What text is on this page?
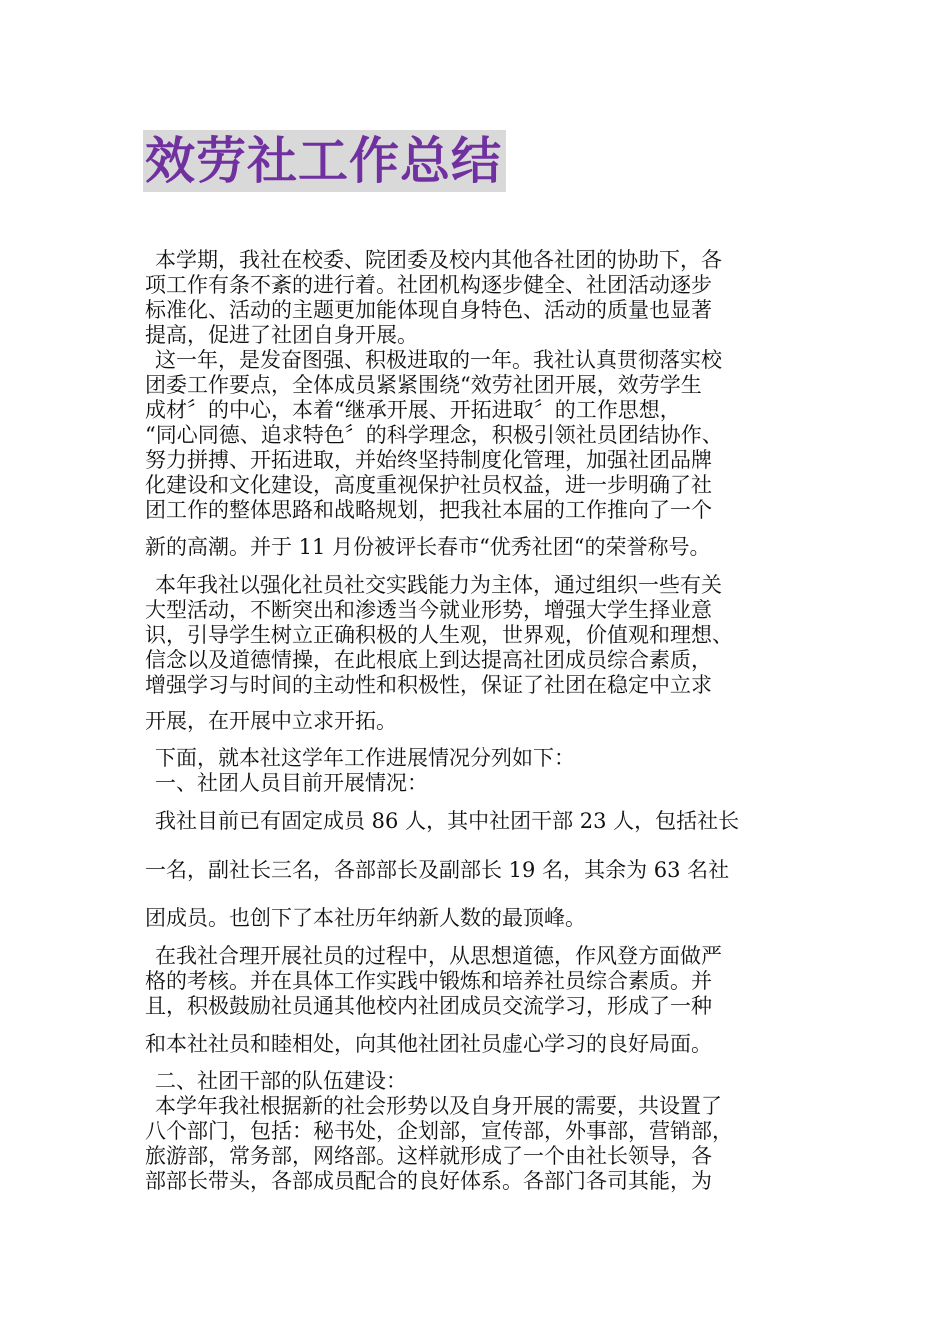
效劳社工作总结

本学期，我社在校委、院团委及校内其他各社团的协助下，各
项工作有条不紊的进行着。社团机构逐步健全、社团活动逐步
标准化、活动的主题更加能体现自身特色、活动的质量也显著
提高，促进了社团自身开展。

这一年，是发奋图强、积极进取的一年。我社认真贯彻落实校
团委工作要点，全体成员紧紧围绕“效劳社团开展，效劳学生
成材〞的中心，本着“继承开展、开拓进取〞的工作思想，
“同心同德、追求特色〞的科学理念，积极引领社员团结协作、
努力拼搏、开拓进取，并始终坚持制度化管理，加强社团品牌
化建设和文化建设，高度重视保护社员权益，进一步明确了社
团工作的整体思路和战略规划，把我社本届的工作推向了一个

新的高潮。并于 11 月份被评长春市“优秀社团“的荣誉称号。

本年我社以强化社员社交实践能力为主体，通过组织一些有关
大型活动，不断突出和渗透当今就业形势，增强大学生择业意
识，引导学生树立正确积极的人生观，世界观，价值观和理想、
信念以及道德情操，在此根底上到达提高社团成员综合素质，
增强学习与时间的主动性和积极性，保证了社团在稳定中立求

开展，在开展中立求开拓。

下面，就本社这学年工作进展情况分列如下：
一、社团人员目前开展情况：

我社目前已有固定成员 86 人，其中社团干部 23 人，包括社长

一名，副社长三名，各部部长及副部长 19 名，其余为 63 名社

团成员。也创下了本社历年纳新人数的最顶峰。

在我社合理开展社员的过程中，从思想道德，作风登方面做严
格的考核。并在具体工作实践中锻炼和培养社员综合素质。并
且，积极鼓励社员通其他校内社团成员交流学习，形成了一种

和本社社员和睦相处，向其他社团社员虚心学习的良好局面。

二、社团干部的队伍建设：
本学年我社根据新的社会形势以及自身开展的需要，共设置了
八个部门，包括：秘书处，企划部，宣传部，外事部，营销部，
旅游部，常务部，网络部。这样就形成了一个由社长领导，各
部部长带头，各部成员配合的良好体系。各部门各司其能，为
